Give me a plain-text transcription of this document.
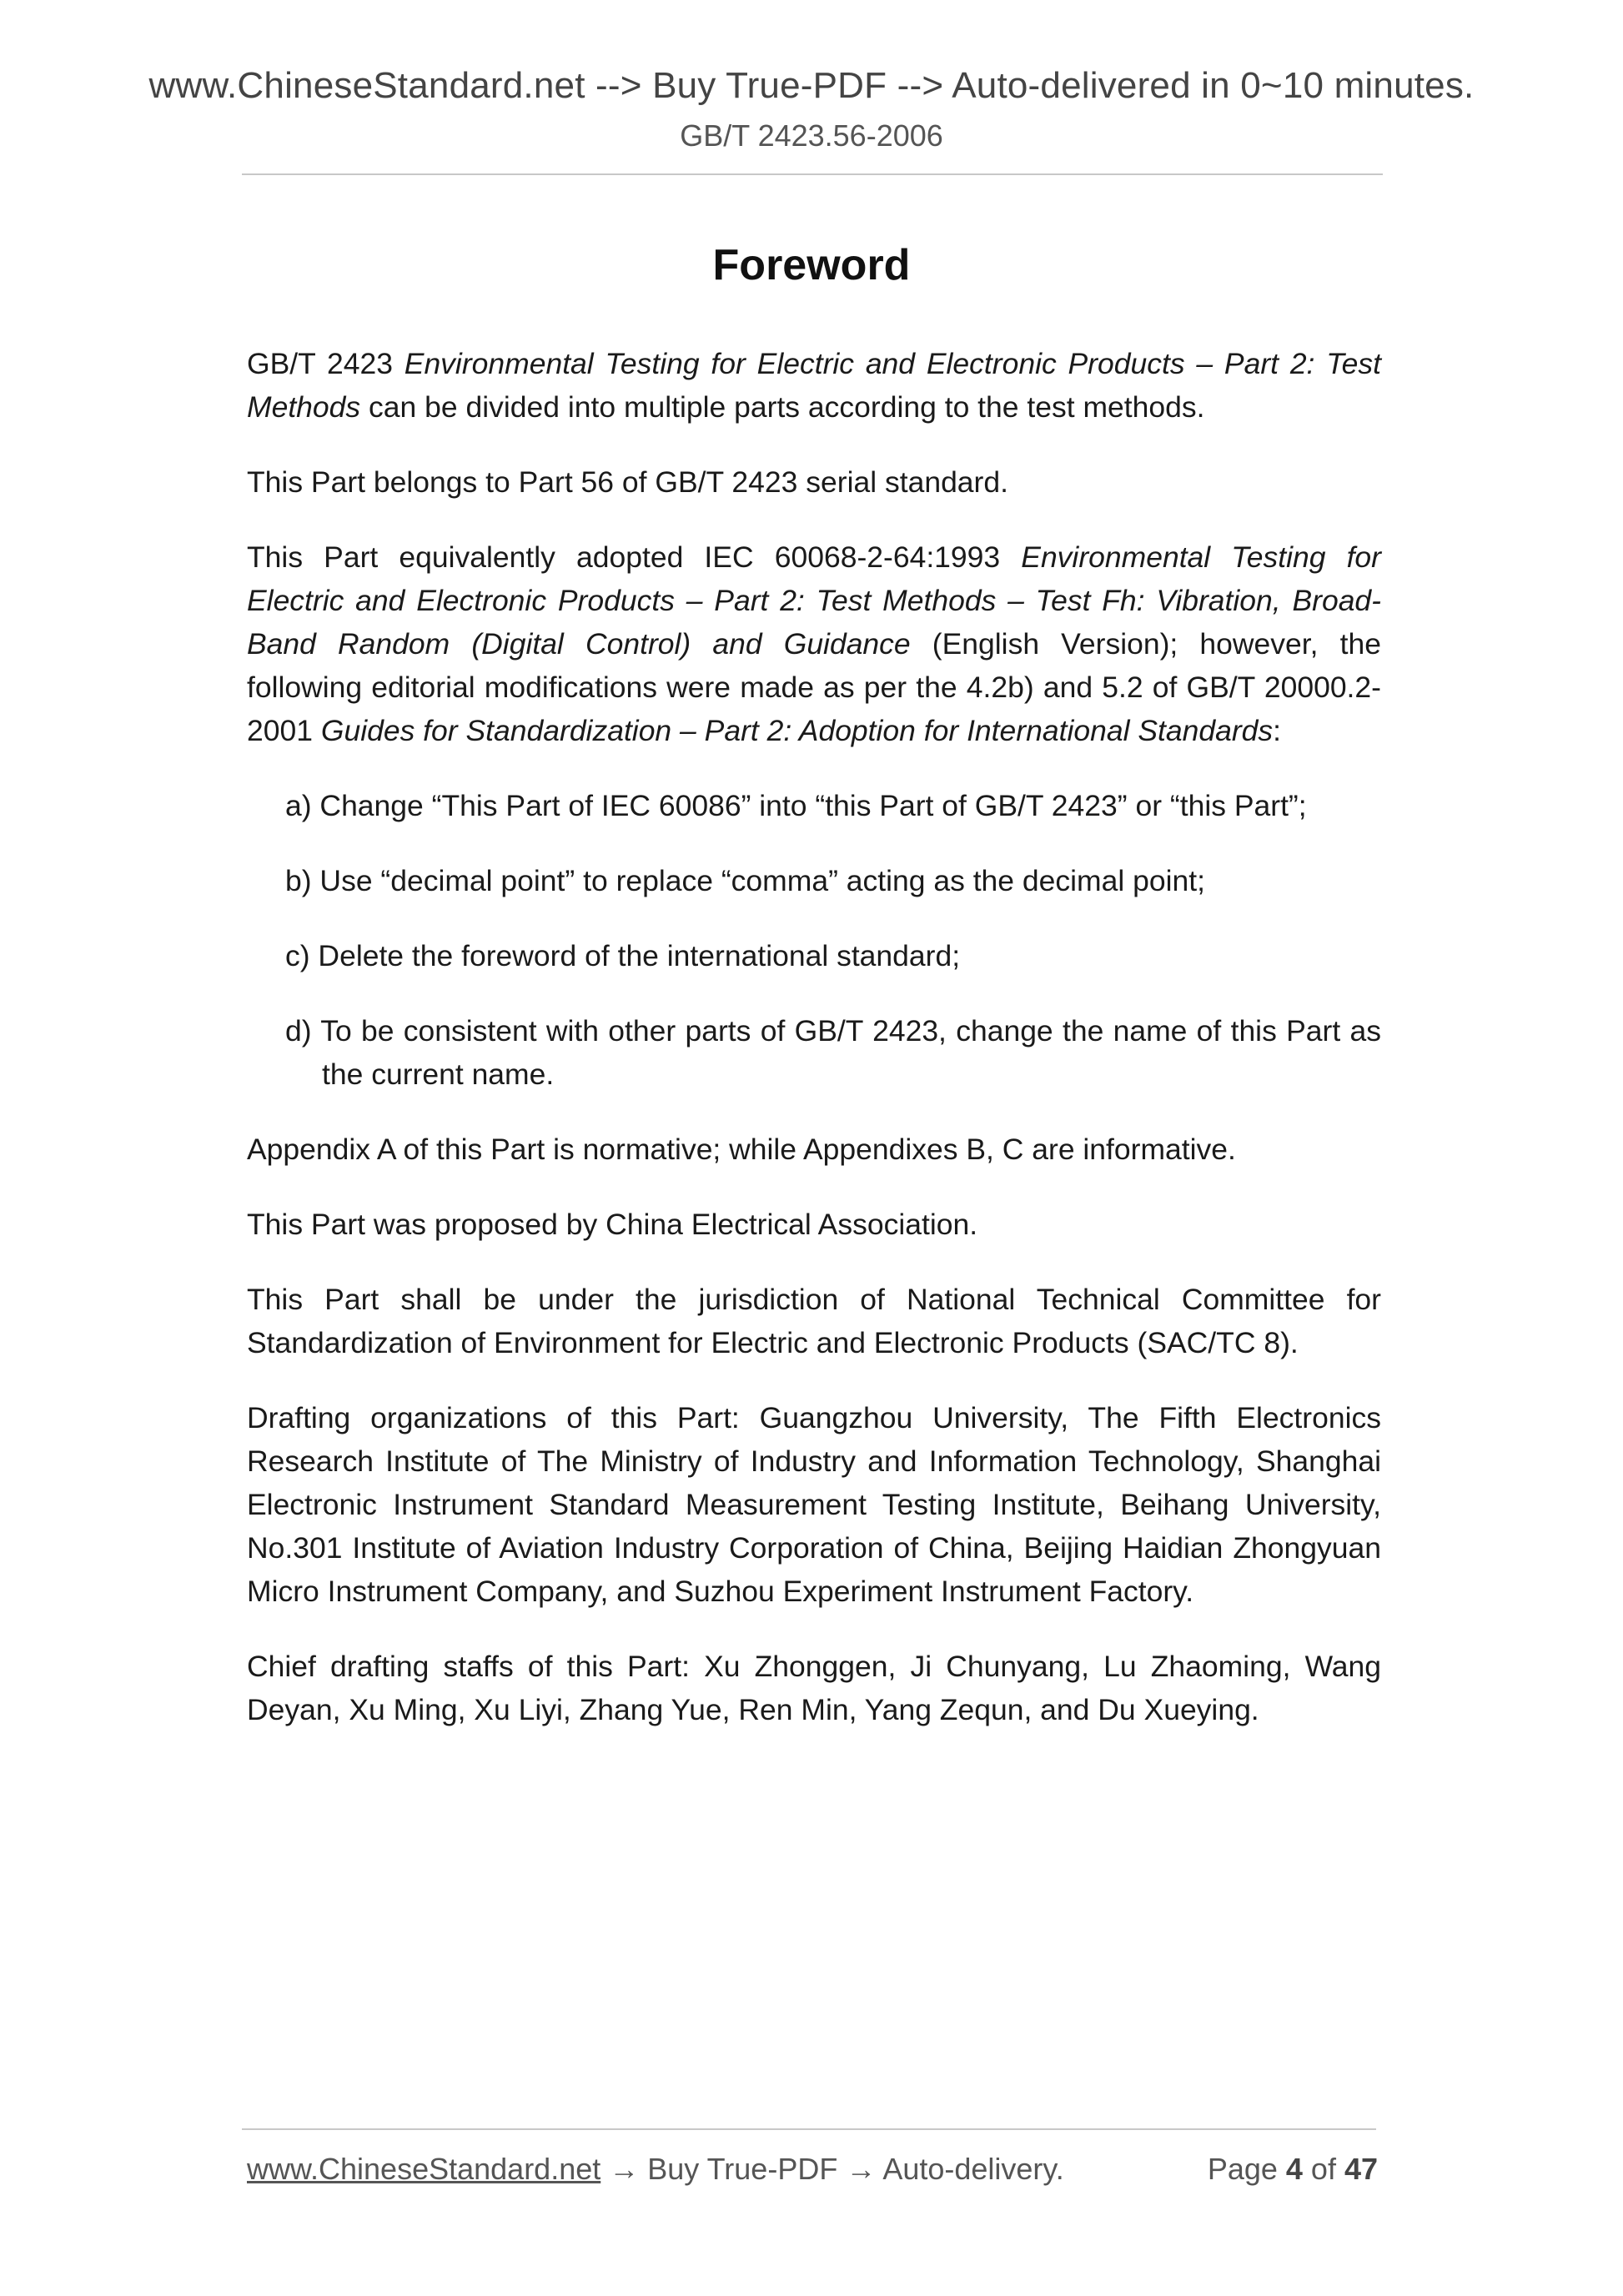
www.ChineseStandard.net --> Buy True-PDF --> Auto-delivered in 0~10 minutes.
GB/T 2423.56-2006
Foreword

GB/T 2423 Environmental Testing for Electric and Electronic Products – Part 2: Test Methods can be divided into multiple parts according to the test methods.

This Part belongs to Part 56 of GB/T 2423 serial standard.

This Part equivalently adopted IEC 60068-2-64:1993 Environmental Testing for Electric and Electronic Products – Part 2: Test Methods – Test Fh: Vibration, Broad-Band Random (Digital Control) and Guidance (English Version); however, the following editorial modifications were made as per the 4.2b) and 5.2 of GB/T 20000.2-2001 Guides for Standardization – Part 2: Adoption for International Standards:

a) Change “This Part of IEC 60086” into “this Part of GB/T 2423” or “this Part”;

b) Use “decimal point” to replace “comma” acting as the decimal point;

c) Delete the foreword of the international standard;

d) To be consistent with other parts of GB/T 2423, change the name of this Part as the current name.

Appendix A of this Part is normative; while Appendixes B, C are informative.

This Part was proposed by China Electrical Association.

This Part shall be under the jurisdiction of National Technical Committee for Standardization of Environment for Electric and Electronic Products (SAC/TC 8).

Drafting organizations of this Part: Guangzhou University, The Fifth Electronics Research Institute of The Ministry of Industry and Information Technology, Shanghai Electronic Instrument Standard Measurement Testing Institute, Beihang University, No.301 Institute of Aviation Industry Corporation of China, Beijing Haidian Zhongyuan Micro Instrument Company, and Suzhou Experiment Instrument Factory.

Chief drafting staffs of this Part: Xu Zhonggen, Ji Chunyang, Lu Zhaoming, Wang Deyan, Xu Ming, Xu Liyi, Zhang Yue, Ren Min, Yang Zequn, and Du Xueying.

www.ChineseStandard.net → Buy True-PDF → Auto-delivery.	Page 4 of 47
